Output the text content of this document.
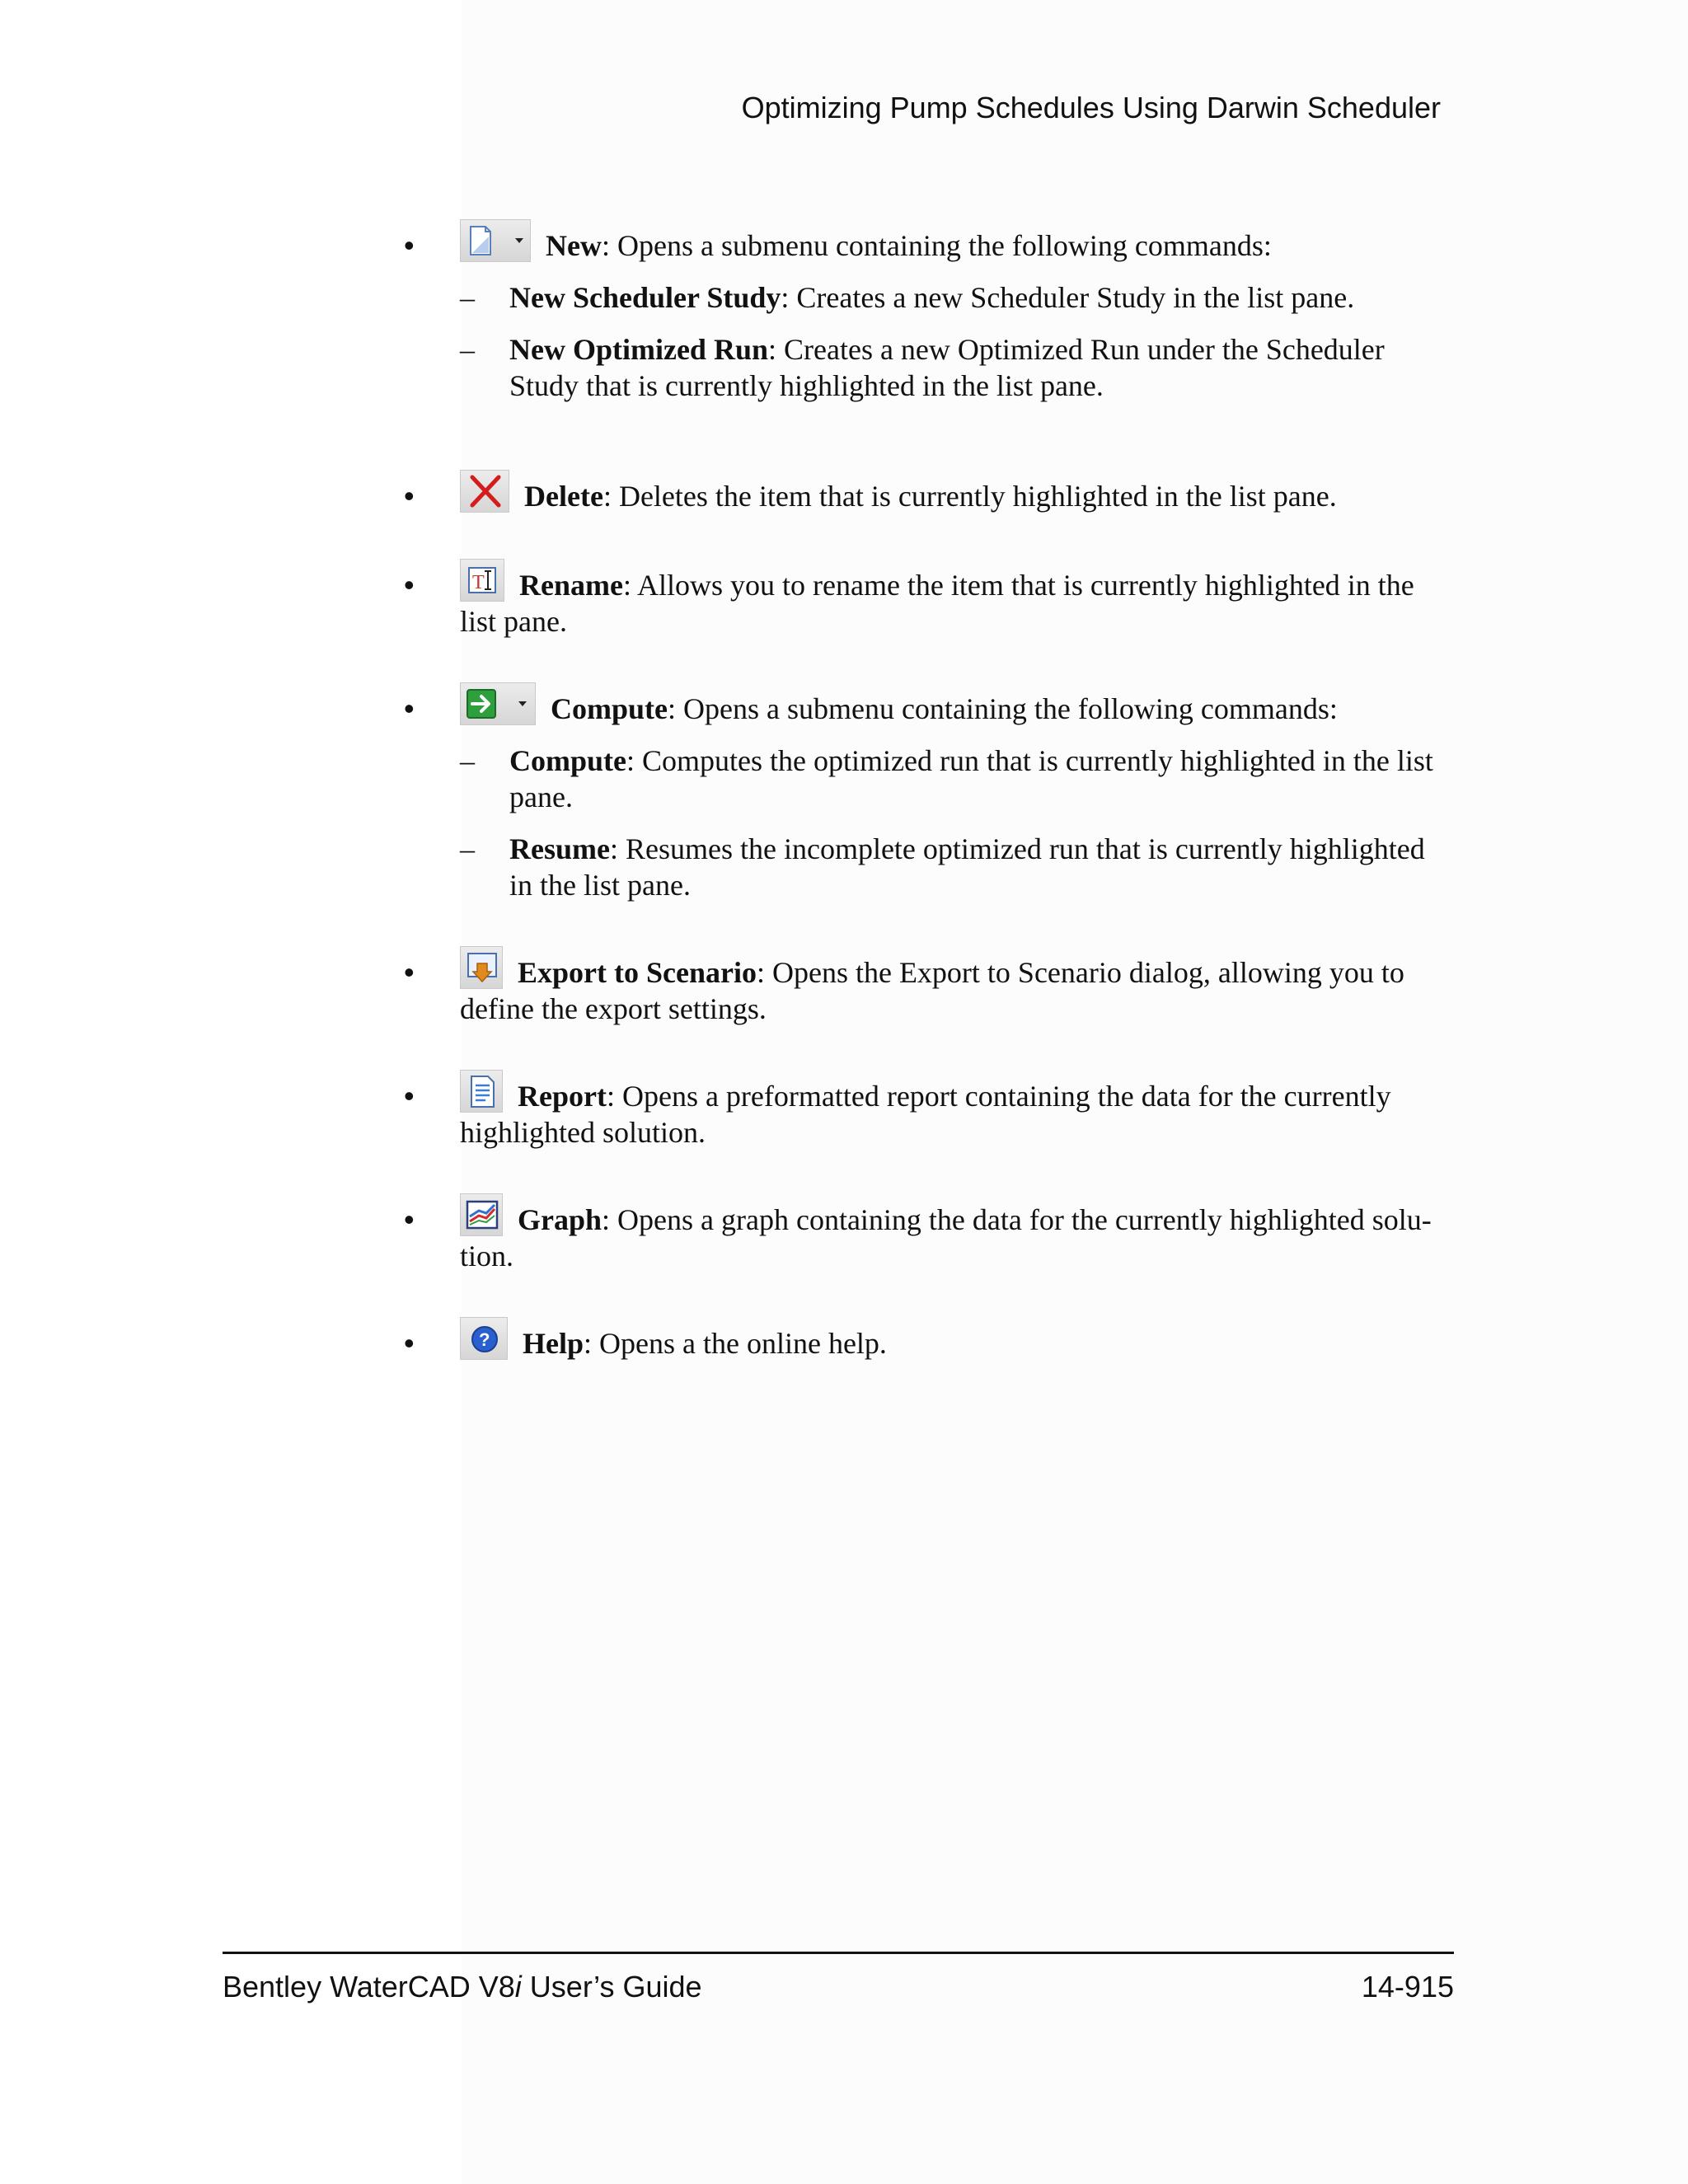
Optimizing Pump Schedules Using Darwin Scheduler
•	New: Opens a submenu containing the following commands:
– New Scheduler Study: Creates a new Scheduler Study in the list pane.
– New Optimized Run: Creates a new Optimized Run under the Scheduler Study that is currently highlighted in the list pane.
•	Delete: Deletes the item that is currently highlighted in the list pane.
•	T Rename: Allows you to rename the item that is currently highlighted in the list pane.
•	Compute: Opens a submenu containing the following commands:
– Compute: Computes the optimized run that is currently highlighted in the list pane.
– Resume: Resumes the incomplete optimized run that is currently highlighted in the list pane.
•	Export to Scenario: Opens the Export to Scenario dialog, allowing you to define the export settings.
•	Report: Opens a preformatted report containing the data for the currently highlighted solution.
•	Graph: Opens a graph containing the data for the currently highlighted solu-tion.
•	? Help: Opens a the online help.
Bentley WaterCAD V8i User’s Guide	14-915
